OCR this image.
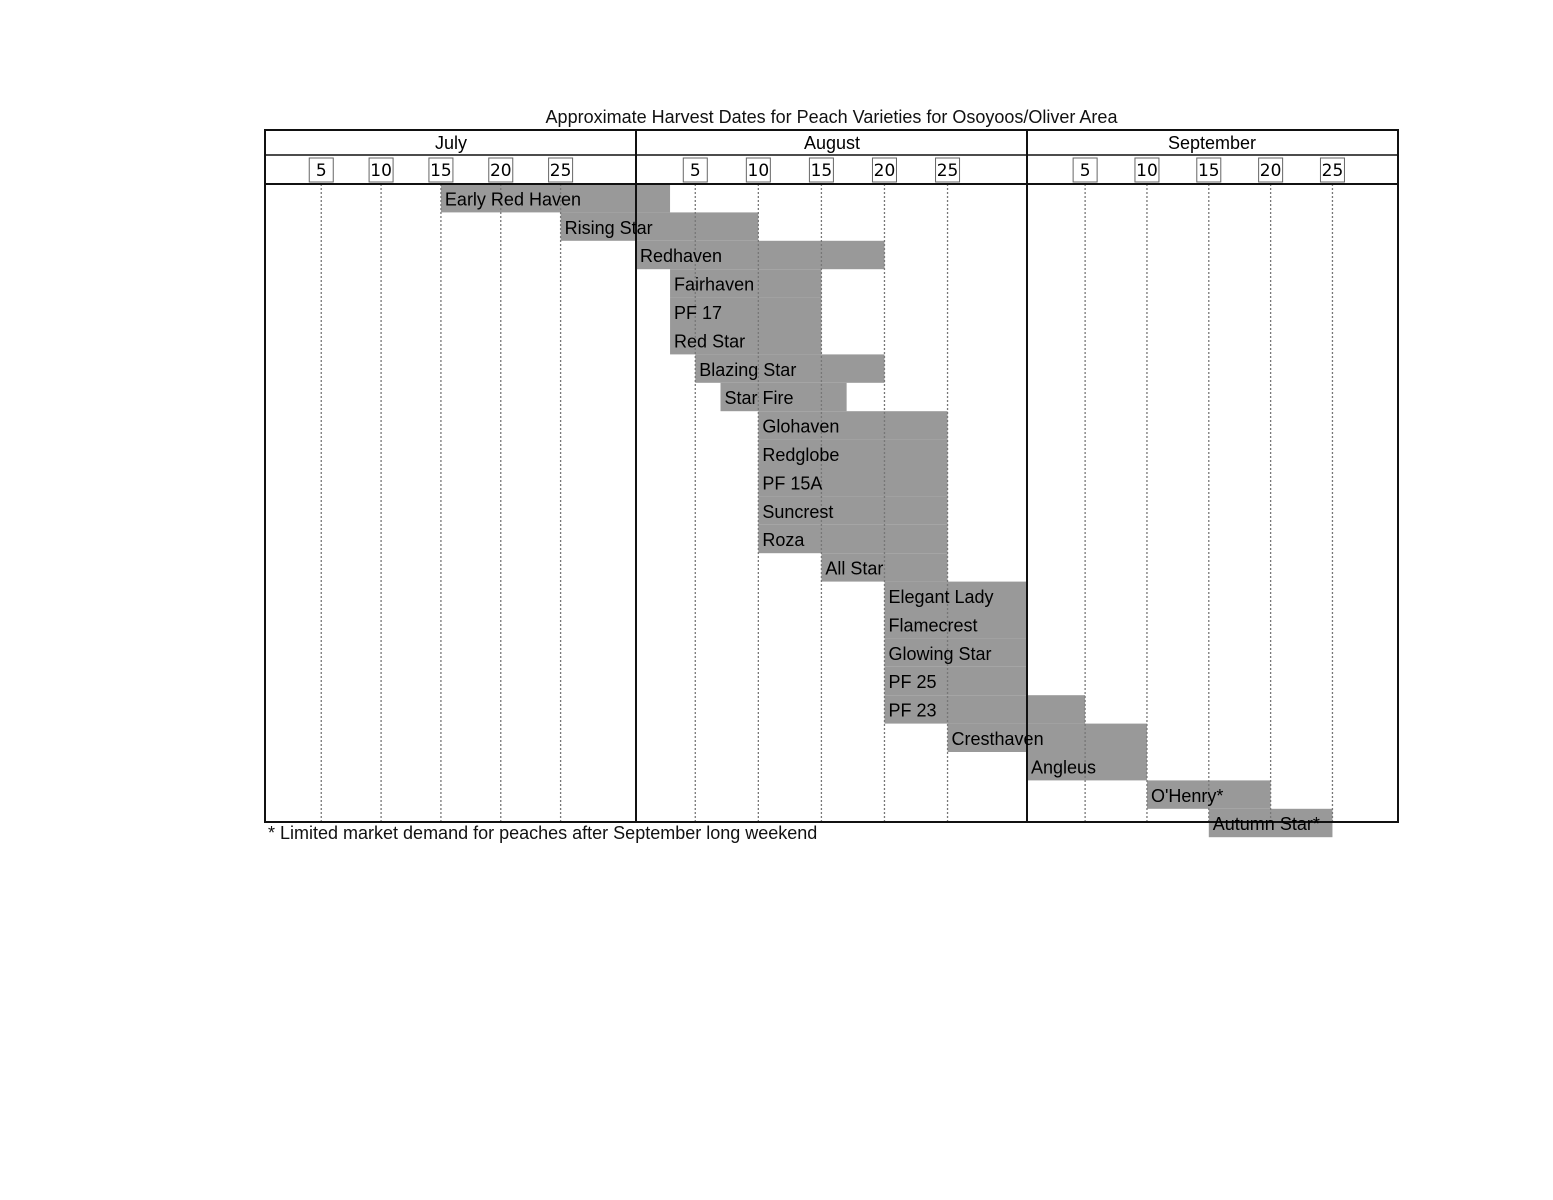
Approximate Harvest Dates for Peach Varieties for Osoyoos/Oliver Area
5	10 15 20 25
July
5	10 15 20 25
August
5	10 15 20 25
September
Early Red Haven
Rising Star
Redhaven
Fairhaven
PF 17
Red Star
Blazing Star
Star Fire
Glohaven
Redglobe
PF 15A
Suncrest
Roza
All Star
Elegant Lady
Flamecrest
Glowing Star
PF 25
PF 23
Cresthaven
Angleus
O'Henry*
Autumn Star*
* Limited market demand for peaches after September long weekend
